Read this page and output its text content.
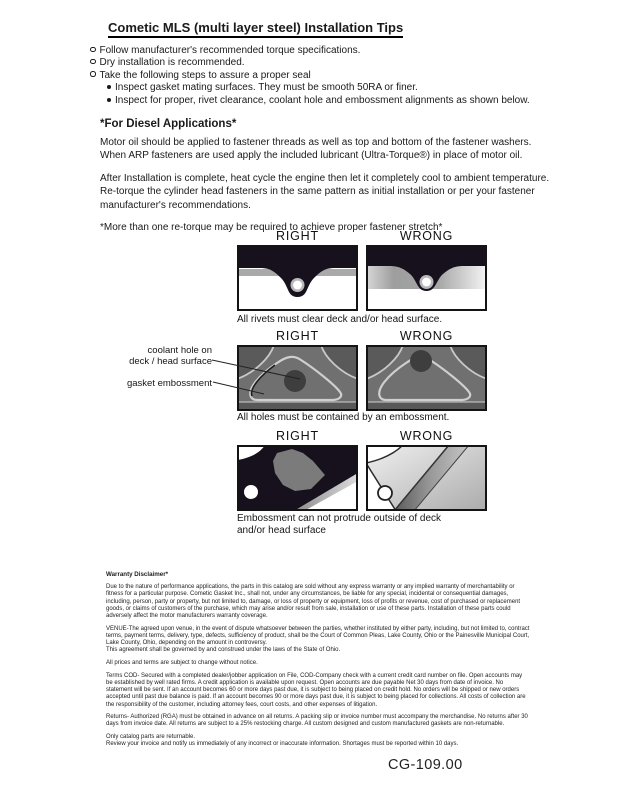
Cometic MLS (multi layer steel) Installation Tips
Follow manufacturer's recommended torque specifications.
Dry installation is recommended.
Take the following steps to assure a proper seal
Inspect gasket mating surfaces. They must be smooth 50RA or finer.
Inspect for proper, rivet clearance, coolant hole and embossment alignments as shown below.
*For Diesel Applications*

Motor oil should be applied to fastener threads as well as top and bottom of the fastener washers. When ARP fasteners are used apply the included lubricant (Ultra-Torque®) in place of motor oil.

After Installation is complete, heat cycle the engine then let it completely cool to ambient temperature. Re-torque the cylinder head fasteners in the same pattern as initial installation or per your fastener manufacturer's recommendations.

*More than one re-torque may be required to achieve proper fastener stretch*

RIGHT	WRONG
All rivets must clear deck and/or head surface.
RIGHT	WRONG
coolant hole on
deck / head surface
gasket embossment
All holes must be contained by an embossment.
RIGHT	WRONG
Embossment can not protrude outside of deck
and/or head surface

Warranty Disclaimer*

Due to the nature of performance applications, the parts in this catalog are sold without any express warranty or any implied warranty of merchantability or fitness for a particular purpose. Cometic Gasket Inc., shall not, under any circumstances, be liable for any special, incidental or consequential damages, including, person, party or property, but not limited to, damage, or loss of property or equipment, loss of profits or revenue, cost of purchased or replacement goods, or claims of customers of the purchase, which may arise and/or result from sale, installation or use of these parts. Installation of these parts could adversely affect the motor manufacturers warranty coverage.

VENUE-The agreed upon venue, in the event of dispute whatsoever between the parties, whether instituted by either party, including, but not limited to, contract terms, payment terms, delivery, type, defects, sufficiency of product, shall be the Court of Common Pleas, Lake County, Ohio or the Painesville Municipal Court, Lake County, Ohio, depending on the amount in controversy.

This agreement shall be governed by and construed under the laws of the State of Ohio.

All prices and terms are subject to change without notice.

Terms COD- Secured with a completed dealer/jobber application on File, COD-Company check with a current credit card number on file. Open accounts may be established by well rated firms. A credit application is available upon request. Open accounts are due payable Net 30 days from date of invoice. No statement will be sent. If an account becomes 60 or more days past due, it is subject to being placed on credit hold. No orders will be shipped or new orders accepted until past due balance is paid. If an account becomes 90 or more days past due, it is subject to being placed for collections. All costs of collection are the responsibility of the customer, including attorney fees, court costs, and other expenses of litigation.

Returns- Authorized (RGA) must be obtained in advance on all returns. A packing slip or invoice number must accompany the merchandise. No returns after 30 days from invoice date. All returns are subject to a 25% restocking charge. All custom designed and custom manufactured gaskets are non-returnable.

Only catalog parts are returnable.

Review your invoice and notify us immediately of any incorrect or inaccurate information. Shortages must be reported within 10 days.

CG-109.00
